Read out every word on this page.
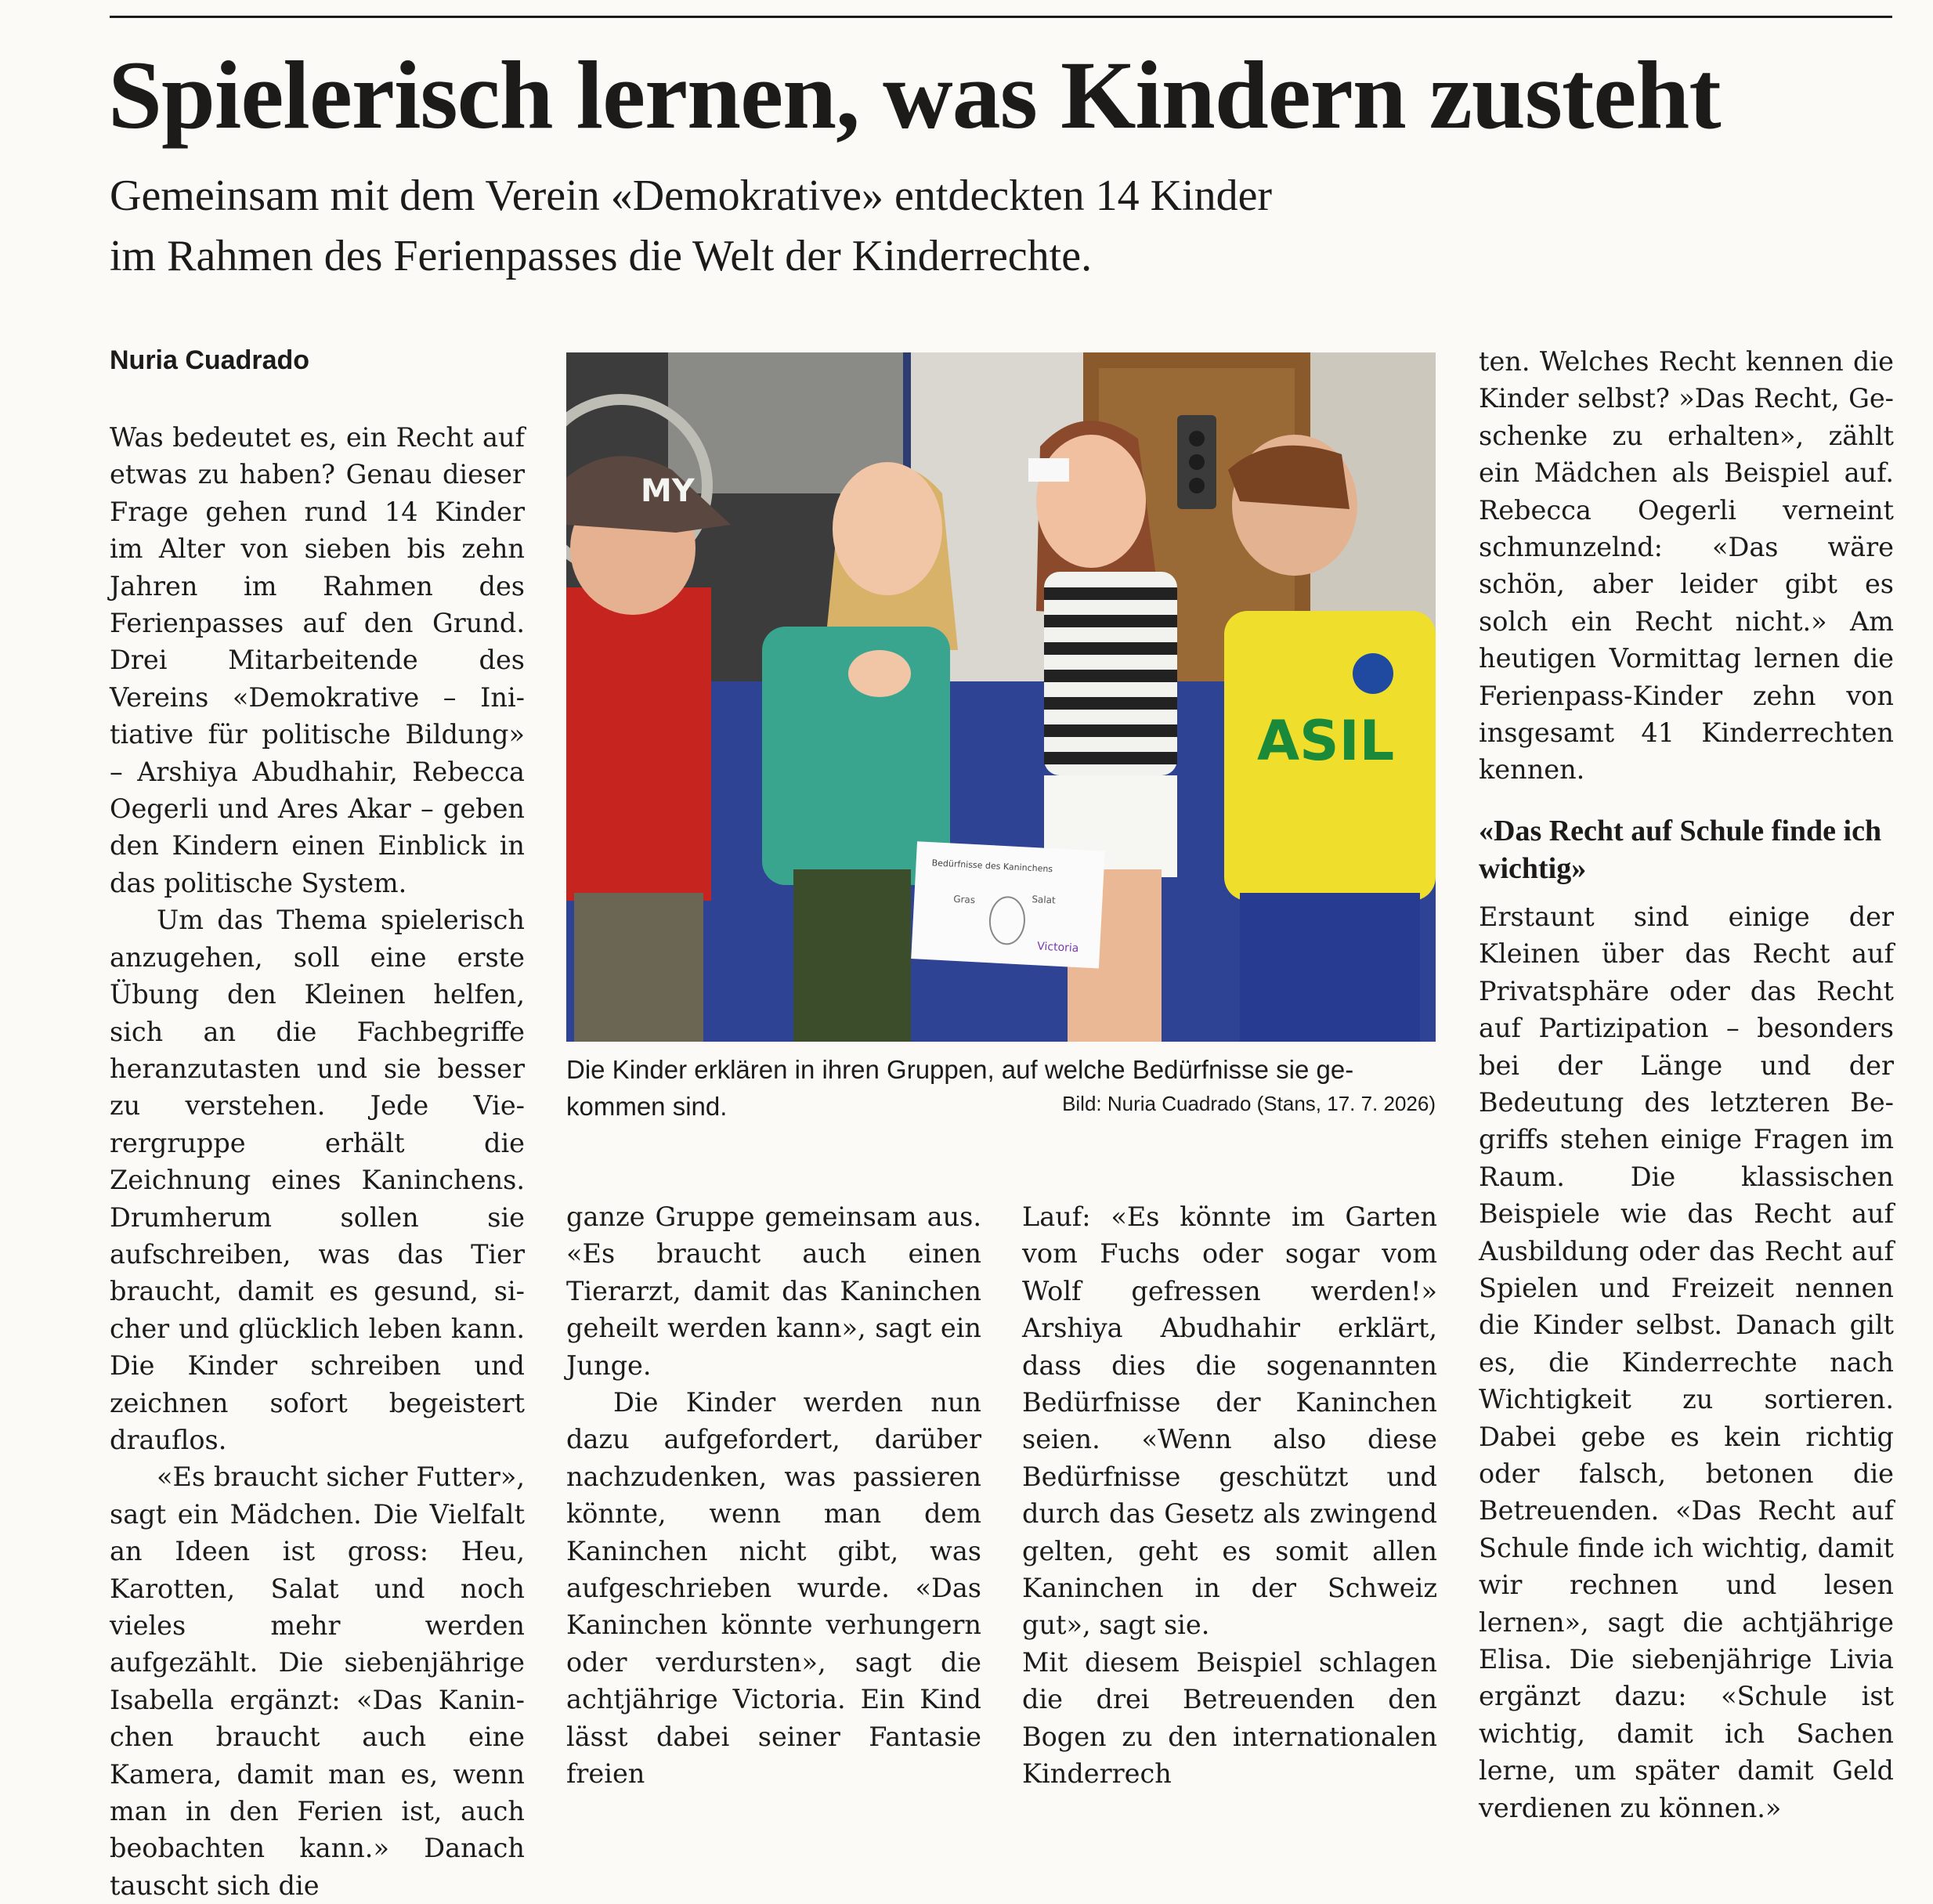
Spielerisch lernen, was Kindern zusteht
Gemeinsam mit dem Verein «Demokrative» entdeckten 14 Kinder
im Rahmen des Ferienpasses die Welt der Kinderrechte.
Nuria Cuadrado

Was bedeutet es, ein Recht auf etwas zu haben? Genau dieser Frage gehen rund 14 Kinder im Alter von sieben bis zehn Jahren im Rahmen des Ferienpasses auf den Grund. Drei Mitarbeitende des Vereins «Demokrative – Initiative für politische Bildung» – Arshiya Abudhahir, Rebecca Oegerli und Ares Akar – geben den Kindern einen Einblick in das politische System.

Um das Thema spielerisch anzugehen, soll eine erste Übung den Kleinen helfen, sich an die Fachbegriffe heranzutasten und sie besser zu verstehen. Jede Vierergruppe erhält die Zeichnung eines Kaninchens. Drumherum sollen sie aufschreiben, was das Tier braucht, damit es gesund, sicher und glücklich leben kann. Die Kinder schreiben und zeichnen sofort begeistert drauflos.

«Es braucht sicher Futter», sagt ein Mädchen. Die Vielfalt an Ideen ist gross: Heu, Karotten, Salat und noch vieles mehr werden aufgezählt. Die siebenjährige Isabella ergänzt: «Das Kaninchen braucht auch eine Kamera, damit man es, wenn man in den Ferien ist, auch beobachten kann.» Danach tauscht sich die

MY
Bedürfnisse des Kaninchens
Gras	Salat
Victoria
ASIL
Die Kinder erklären in ihren Gruppen, auf welche Bedürfnisse sie gekommen sind.	Bild: Nuria Cuadrado (Stans, 17. 7. 2026)

ganze Gruppe gemeinsam aus. «Es braucht auch einen Tierarzt, damit das Kaninchen geheilt werden kann», sagt ein Junge.

Die Kinder werden nun dazu aufgefordert, darüber nachzudenken, was passieren könnte, wenn man dem Kaninchen nicht gibt, was aufgeschrieben wurde. «Das Kaninchen könnte verhungern oder verdursten», sagt die achtjährige Victoria. Ein Kind lässt dabei seiner Fantasie freien

Lauf: «Es könnte im Garten vom Fuchs oder sogar vom Wolf gefressen werden!» Arshiya Abudhahir erklärt, dass dies die sogenannten Bedürfnisse der Kaninchen seien. «Wenn also diese Bedürfnisse geschützt und durch das Gesetz als zwingend gelten, geht es somit allen Kaninchen in der Schweiz gut», sagt sie.

Mit diesem Beispiel schlagen die drei Betreuenden den Bogen zu den internationalen Kinderrech

ten. Welches Recht kennen die Kinder selbst? »Das Recht, Geschenke zu erhalten», zählt ein Mädchen als Beispiel auf. Rebecca Oegerli verneint schmunzelnd: «Das wäre schön, aber leider gibt es solch ein Recht nicht.» Am heutigen Vormittag lernen die Ferienpass-Kinder zehn von insgesamt 41 Kinderrechten kennen.

«Das Recht auf Schule finde ich wichtig»

Erstaunt sind einige der Kleinen über das Recht auf Privatsphäre oder das Recht auf Partizipation – besonders bei der Länge und der Bedeutung des letzteren Begriffs stehen einige Fragen im Raum. Die klassischen Beispiele wie das Recht auf Ausbildung oder das Recht auf Spielen und Freizeit nennen die Kinder selbst. Danach gilt es, die Kinderrechte nach Wichtigkeit zu sortieren. Dabei gebe es kein richtig oder falsch, betonen die Betreuenden. «Das Recht auf Schule finde ich wichtig, damit wir rechnen und lesen lernen», sagt die achtjährige Elisa. Die siebenjährige Livia ergänzt dazu: «Schule ist wichtig, damit ich Sachen lerne, um später damit Geld verdienen zu können.»
